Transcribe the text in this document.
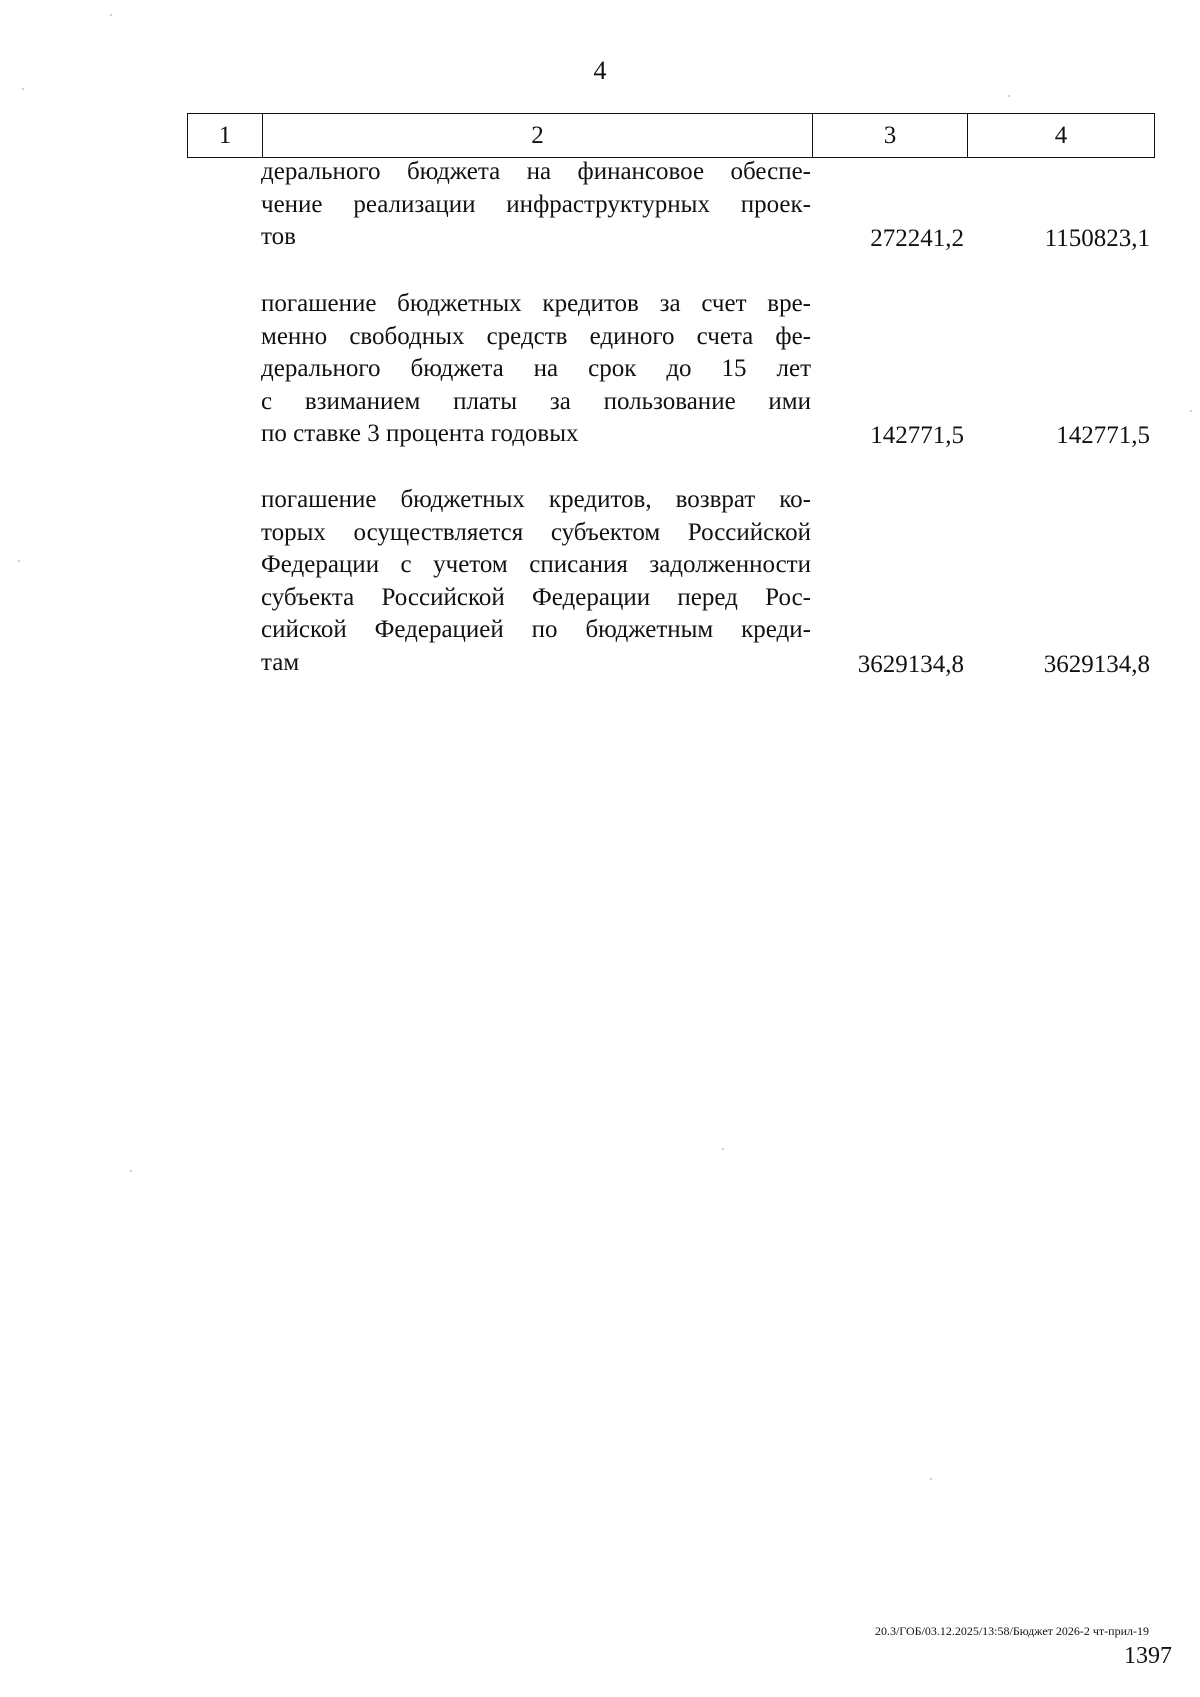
4
1	2	3	4
дерального бюджета на финансовое обеспе-
чение реализации инфраструктурных проек-
тов	272241,2	1150823,1
погашение бюджетных кредитов за счет вре-
менно свободных средств единого счета фе-
дерального бюджета на срок до 15 лет
с взиманием платы за пользование ими
по ставке 3 процента годовых	142771,5	142771,5
погашение бюджетных кредитов, возврат ко-
торых осуществляется субъектом Российской
Федерации с учетом списания задолженности
субъекта Российской Федерации перед Рос-
сийской Федерацией по бюджетным креди-
там	3629134,8	3629134,8
20.3/ГОБ/03.12.2025/13:58/Бюджет 2026-2 чт-прил-19
1397
